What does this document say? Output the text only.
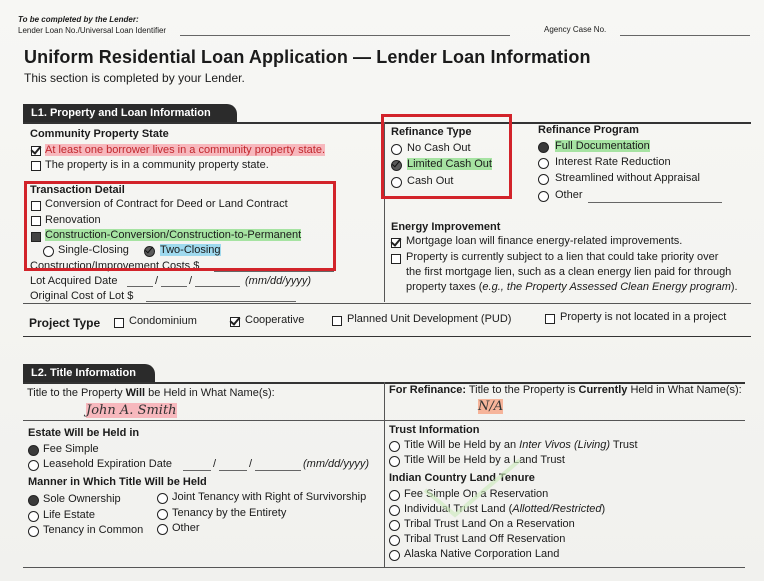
To be completed by the Lender:
Lender Loan No./Universal Loan Identifier	Agency Case No.
Uniform Residential Loan Application — Lender Loan Information
This section is completed by your Lender.
L1. Property and Loan Information
Community Property State
At least one borrower lives in a community property state.
The property is in a community property state.
Transaction Detail
Conversion of Contract for Deed or Land Contract
Renovation
Construction-Conversion/Construction-to-Permanent
Single-Closing	Two-Closing
Construction/Improvement Costs $
Lot Acquired Date	/	/	(mm/dd/yyyy)
Original Cost of Lot $
Refinance Type
No Cash Out
Limited Cash Out
Cash Out
Refinance Program
Full Documentation
Interest Rate Reduction
Streamlined without Appraisal
Other
Energy Improvement
Mortgage loan will finance energy-related improvements.
Property is currently subject to a lien that could take priority over
the first mortgage lien, such as a clean energy lien paid for through
property taxes (e.g., the Property Assessed Clean Energy program).
Project Type	Condominium	Cooperative	Planned Unit Development (PUD)	Property is not located in a project
L2. Title Information
Title to the Property Will be Held in What Name(s):
John A. Smith
For Refinance: Title to the Property is Currently Held in What Name(s):
N/A
Estate Will be Held in
Fee Simple
Leasehold Expiration Date	/	/	(mm/dd/yyyy)
Manner in Which Title Will be Held
Sole Ownership
Life Estate
Tenancy in Common
Joint Tenancy with Right of Survivorship
Tenancy by the Entirety
Other
Trust Information
Title Will be Held by an Inter Vivos (Living) Trust
Title Will be Held by a Land Trust
Indian Country Land Tenure
Fee Simple On a Reservation
Individual Trust Land (Allotted/Restricted)
Tribal Trust Land On a Reservation
Tribal Trust Land Off Reservation
Alaska Native Corporation Land
